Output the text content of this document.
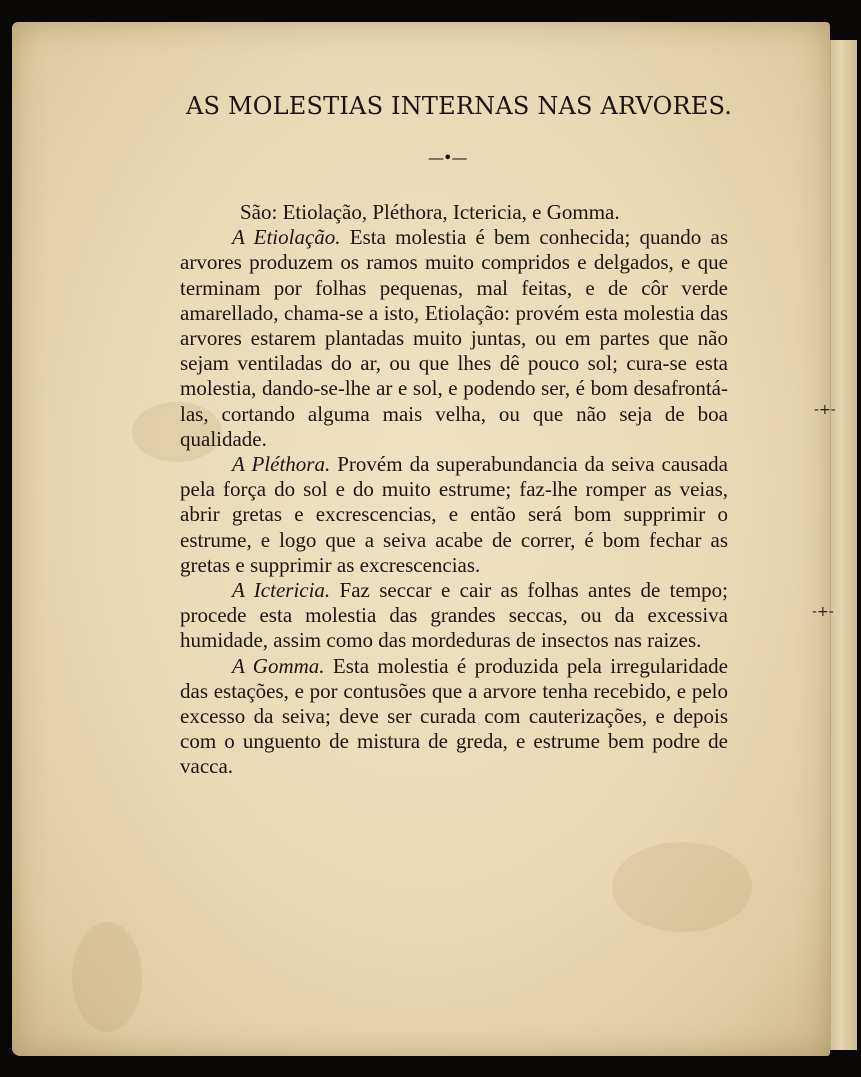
-+-
-+-
AS MOLESTIAS INTERNAS NAS ARVORES.
—•—

São: Etiolação, Pléthora, Ictericia, e Gomma.

A Etiolação. Esta molestia é bem conhecida; quando as arvores produzem os ramos muito compridos e delgados, e que terminam por folhas pequenas, mal feitas, e de côr verde amarellado, chama-se a isto, Etiolação: provém esta molestia das arvores estarem plantadas muito juntas, ou em partes que não sejam ventiladas do ar, ou que lhes dê pouco sol; cura-se esta molestia, dando-se-lhe ar e sol, e podendo ser, é bom desafrontá-las, cortando alguma mais velha, ou que não seja de boa qualidade.

A Pléthora. Provém da superabundancia da seiva causada pela força do sol e do muito estrume; faz-lhe romper as veias, abrir gretas e excrescencias, e então será bom supprimir o estrume, e logo que a seiva acabe de correr, é bom fechar as gretas e supprimir as excrescencias.

A Ictericia. Faz seccar e cair as folhas antes de tempo; procede esta molestia das grandes seccas, ou da excessiva humidade, assim como das mordeduras de insectos nas raizes.

A Gomma. Esta molestia é produzida pela irregularidade das estações, e por contusões que a arvore tenha recebido, e pelo excesso da seiva; deve ser curada com cauterizações, e depois com o unguento de mistura de greda, e estrume bem podre de vacca.
